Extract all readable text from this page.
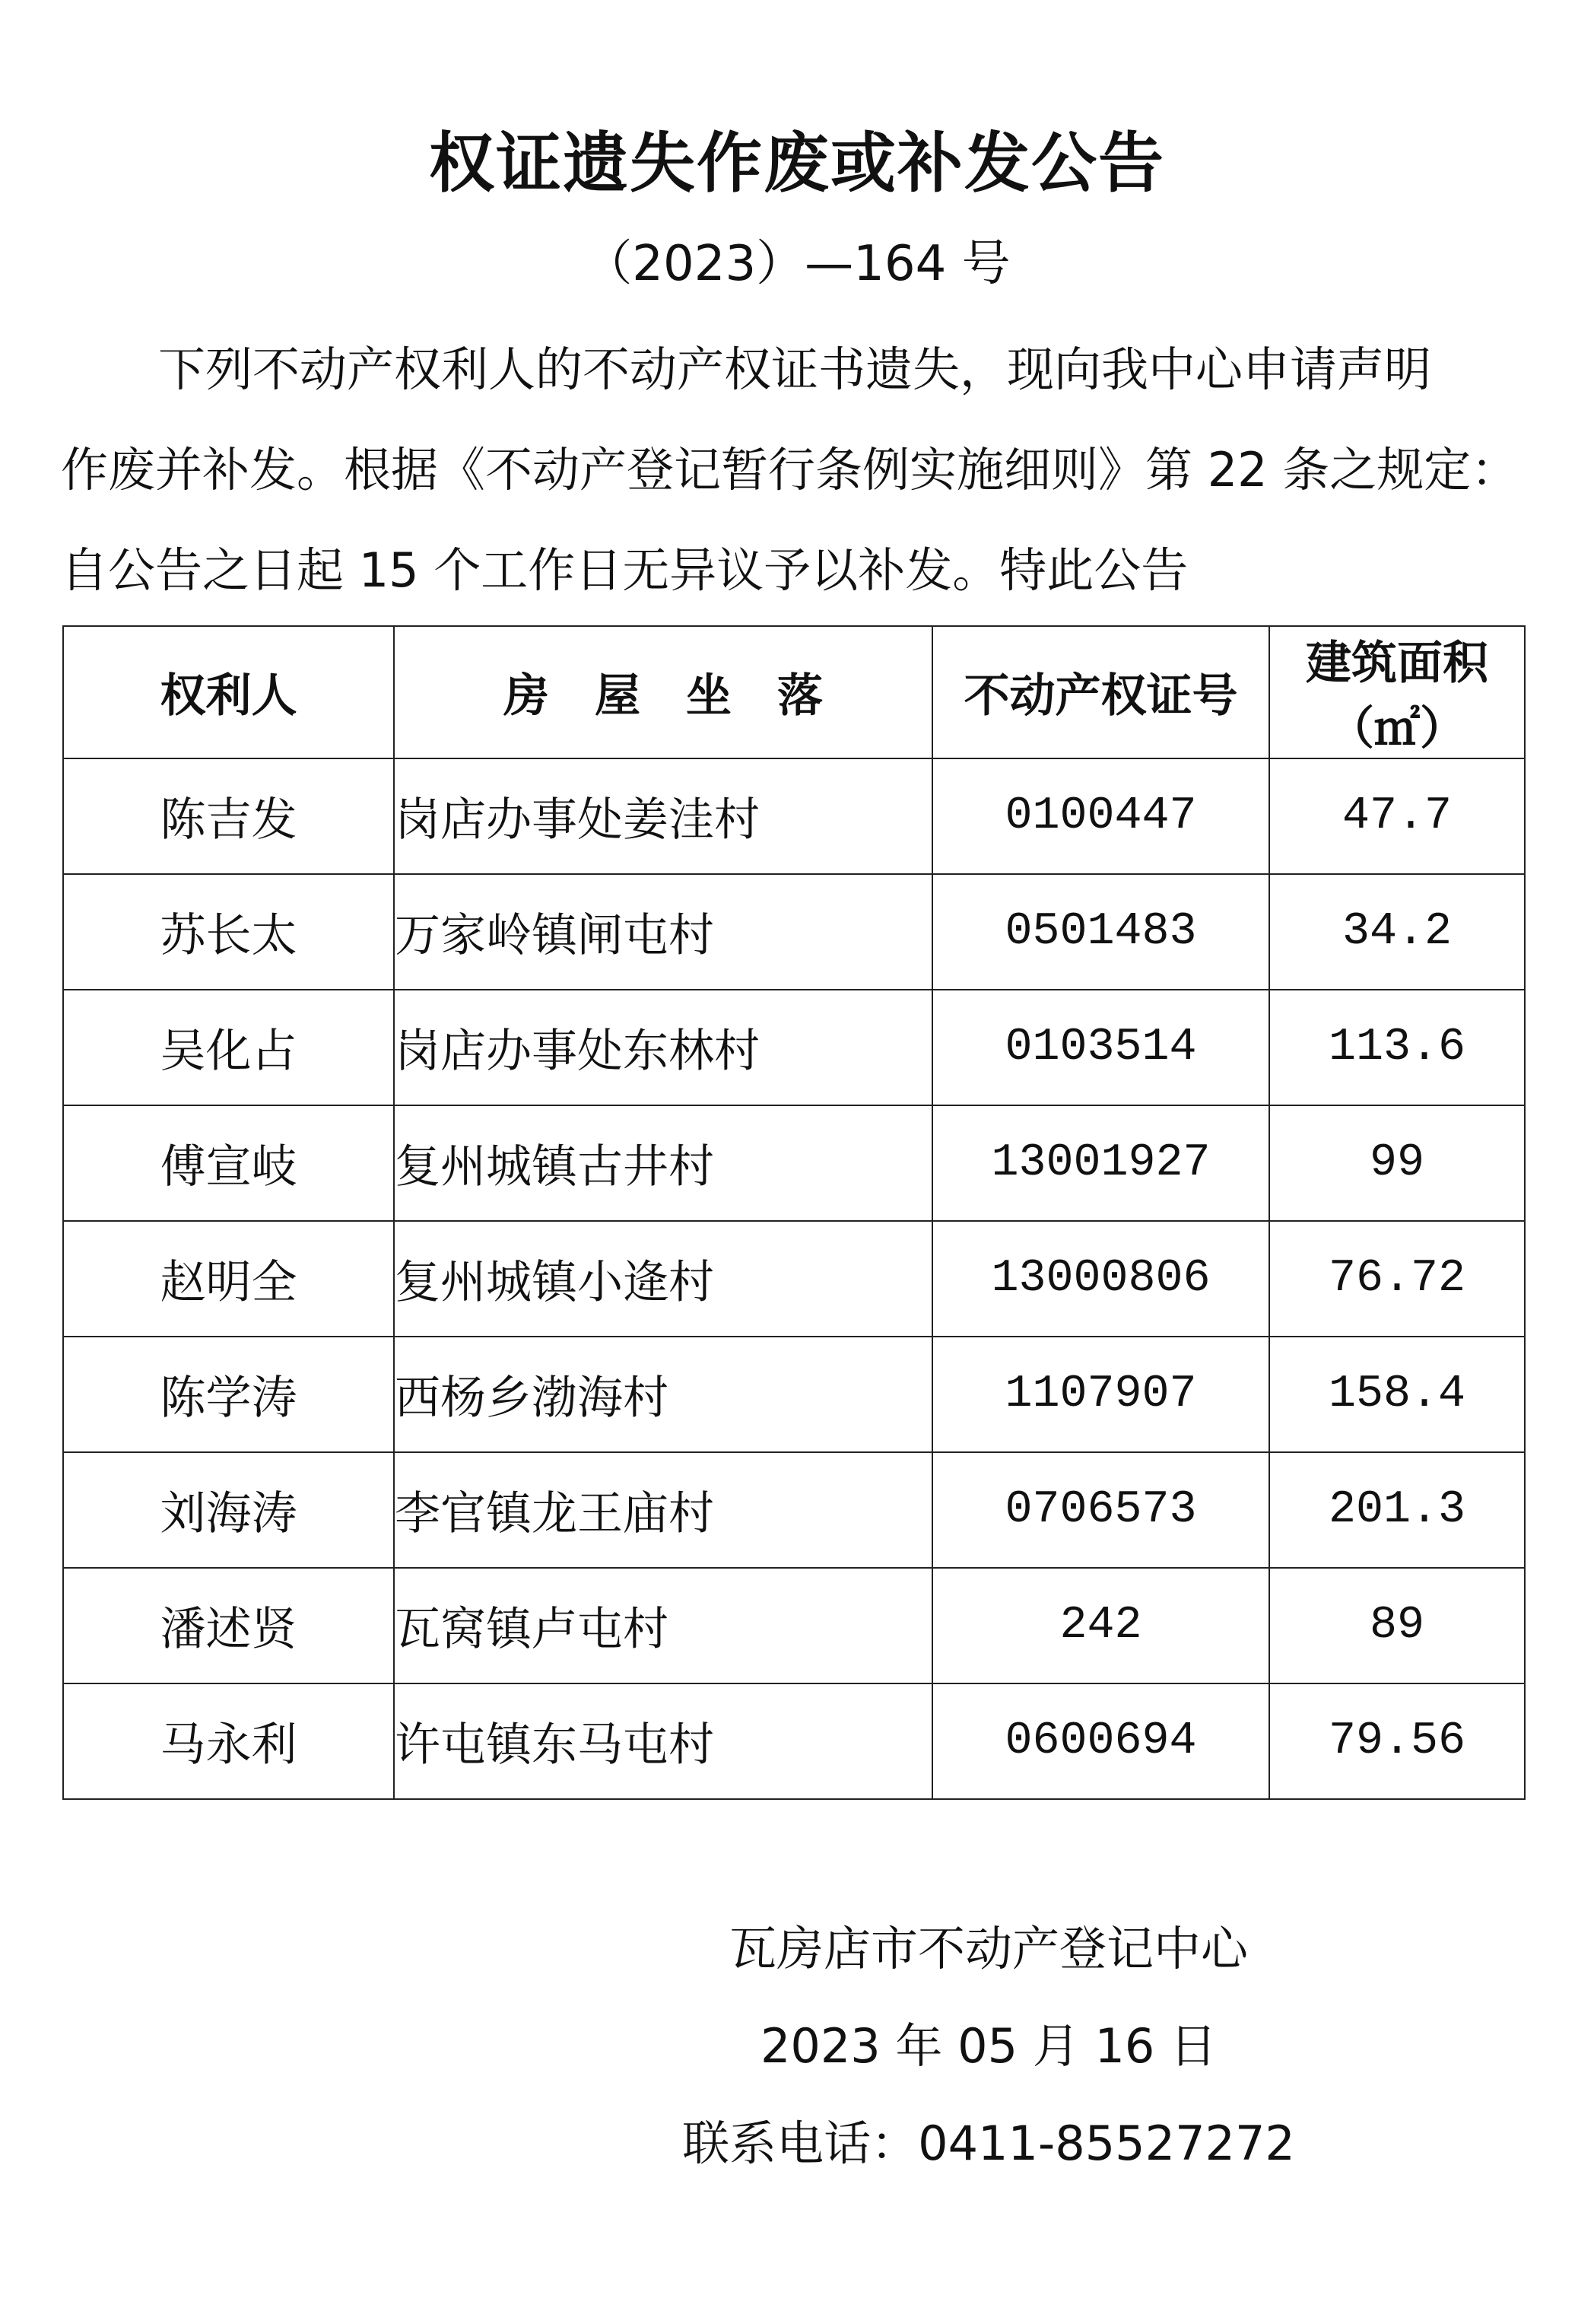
权证遗失作废或补发公告
（2023）—164 号

下列不动产权利人的不动产权证书遗失，现向我中心申请声明

作废并补发。根据《不动产登记暂行条例实施细则》第 22 条之规定：

自公告之日起 15 个工作日无异议予以补发。特此公告

权利人	房　屋　坐　落	不动产权证号	建筑面积
（㎡）

陈吉发	岗店办事处姜洼村	0100447	47.7
苏长太	万家岭镇闸屯村	0501483	34.2
吴化占	岗店办事处东林村	0103514	113.6
傅宣岐	复州城镇古井村	13001927	99
赵明全	复州城镇小逄村	13000806	76.72
陈学涛	西杨乡渤海村	1107907	158.4
刘海涛	李官镇龙王庙村	0706573	201.3
潘述贤	瓦窝镇卢屯村	242	89
马永利	许屯镇东马屯村	0600694	79.56
瓦房店市不动产登记中心
2023 年 05 月 16 日
联系电话：0411-85527272
